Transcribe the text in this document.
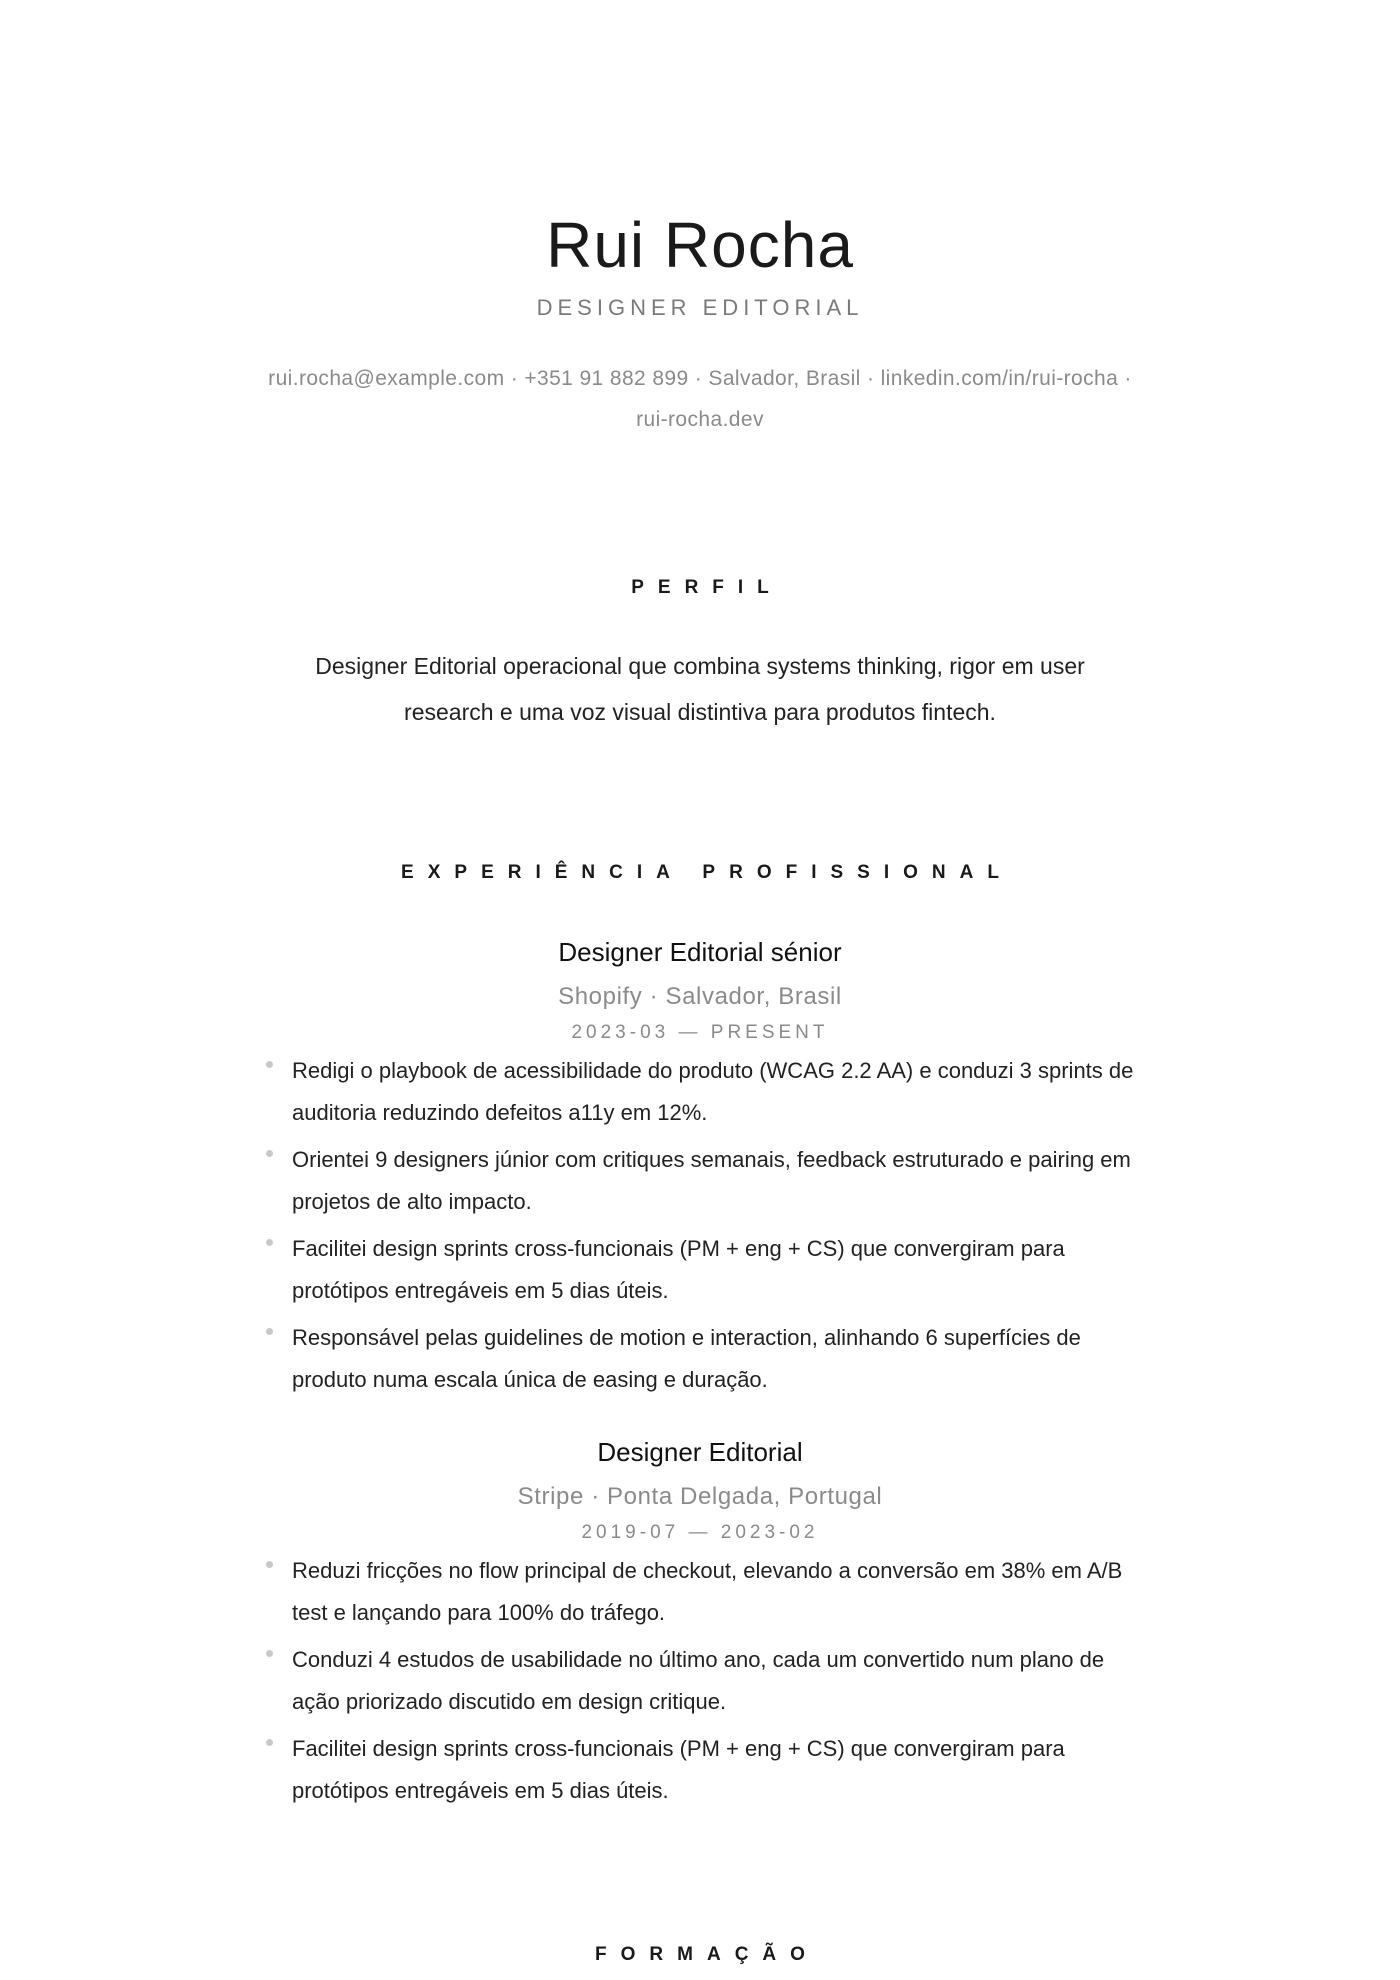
Rui Rocha
DESIGNER EDITORIAL
rui.rocha@example.com · +351 91 882 899 · Salvador, Brasil · linkedin.com/in/rui-rocha ·
rui-rocha.dev
PERFIL
Designer Editorial operacional que combina systems thinking, rigor em user research e uma voz visual distintiva para produtos fintech.
EXPERIÊNCIA PROFISSIONAL
Designer Editorial sénior
Shopify · Salvador, Brasil
2023-03 — PRESENT
Redigi o playbook de acessibilidade do produto (WCAG 2.2 AA) e conduzi 3 sprints de auditoria reduzindo defeitos a11y em 12%.
Orientei 9 designers júnior com critiques semanais, feedback estruturado e pairing em projetos de alto impacto.
Facilitei design sprints cross-funcionais (PM + eng + CS) que convergiram para protótipos entregáveis em 5 dias úteis.
Responsável pelas guidelines de motion e interaction, alinhando 6 superfícies de produto numa escala única de easing e duração.
Designer Editorial
Stripe · Ponta Delgada, Portugal
2019-07 — 2023-02
Reduzi fricções no flow principal de checkout, elevando a conversão em 38% em A/B test e lançando para 100% do tráfego.
Conduzi 4 estudos de usabilidade no último ano, cada um convertido num plano de ação priorizado discutido em design critique.
Facilitei design sprints cross-funcionais (PM + eng + CS) que convergiram para protótipos entregáveis em 5 dias úteis.
FORMAÇÃO
